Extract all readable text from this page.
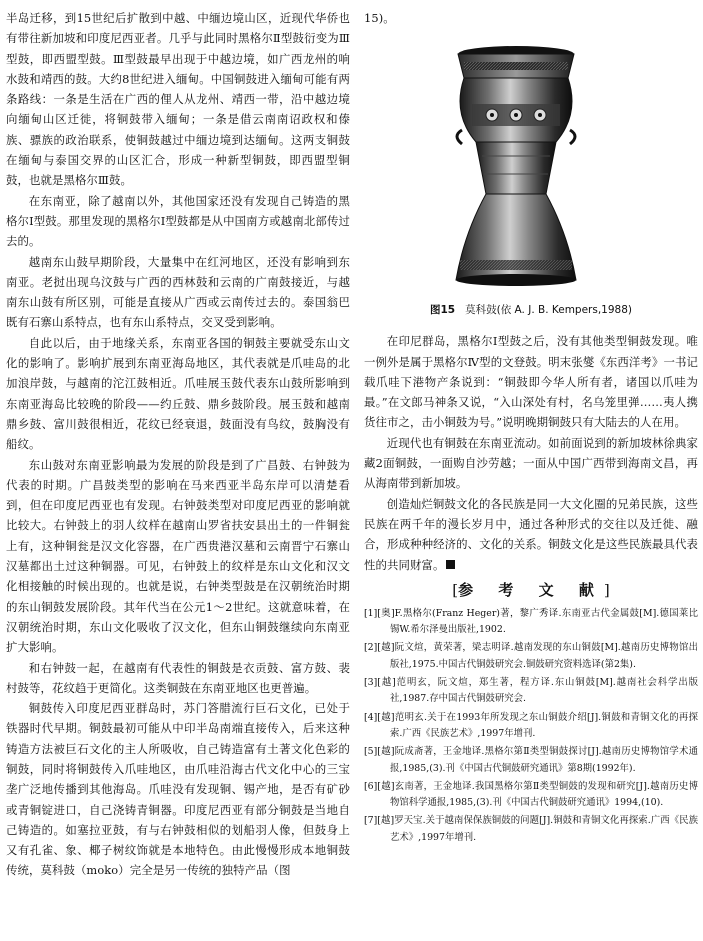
半岛迁移，到15世纪后扩散到中越、中缅边境山区，近现代华侨也有带往新加坡和印度尼西亚者。几乎与此同时黑格尔Ⅱ型鼓衍变为Ⅲ型鼓，即西盟型鼓。Ⅲ型鼓最早出现于中越边境，如广西龙州的响水鼓和靖西的鼓。大约8世纪进入缅甸。中国铜鼓进入缅甸可能有两条路线：一条是生活在广西的俚人从龙州、靖西一带，沿中越边境向缅甸山区迁徙，将铜鼓带入缅甸；一条是借云南南诏政权和傣族、骠族的政治联系，使铜鼓越过中缅边境到达缅甸。这两支铜鼓在缅甸与泰国交界的山区汇合，形成一种新型铜鼓，即西盟型铜鼓，也就是黑格尔Ⅲ鼓。

在东南亚，除了越南以外，其他国家还没有发现自己铸造的黑格尔Ⅰ型鼓。那里发现的黑格尔Ⅰ型鼓都是从中国南方或越南北部传过去的。

越南东山鼓早期阶段，大量集中在红河地区，还没有影响到东南亚。老挝出现乌汶鼓与广西的西林鼓和云南的广南鼓接近，与越南东山鼓有所区别，可能是直接从广西或云南传过去的。泰国翁巴既有石寨山系特点，也有东山系特点，交叉受到影响。

自此以后，由于地缘关系，东南亚各国的铜鼓主要就受东山文化的影响了。影响扩展到东南亚海岛地区，其代表就是爪哇岛的北加浪岸鼓，与越南的沱江鼓相近。爪哇展玉鼓代表东山鼓所影响到东南亚海岛比较晚的阶段——约丘鼓、鼎乡鼓阶段。展玉鼓和越南鼎乡鼓、富川鼓很相近，花纹已经衰退，鼓面没有鸟纹，鼓胸没有船纹。

东山鼓对东南亚影响最为发展的阶段是到了广昌鼓、右钟鼓为代表的时期。广昌鼓类型的影响在马来西亚半岛东岸可以清楚看到，但在印度尼西亚也有发现。右钟鼓类型对印度尼西亚的影响就比较大。右钟鼓上的羽人纹样在越南山罗省扶安县出土的一件铜瓮上有，这种铜瓮是汉文化容器，在广西贵港汉墓和云南晋宁石寨山汉墓都出土过这种铜器。可见，右钟鼓上的纹样是东山文化和汉文化相接触的时候出现的。也就是说，右钟类型鼓是在汉朝统治时期的东山铜鼓发展阶段。其年代当在公元1～2世纪。这就意味着，在汉朝统治时期，东山文化吸收了汉文化，但东山铜鼓继续向东南亚扩大影响。

和右钟鼓一起，在越南有代表性的铜鼓是衣贡鼓、富方鼓、裴村鼓等，花纹趋于更简化。这类铜鼓在东南亚地区也更普遍。

铜鼓传入印度尼西亚群岛时，苏门答腊流行巨石文化，已处于铁器时代早期。铜鼓最初可能从中印半岛南端直接传入，后来这种铸造方法被巨石文化的主人所吸收，自己铸造富有土著文化色彩的铜鼓，同时将铜鼓传入爪哇地区，由爪哇沿海古代文化中心的三宝垄广泛地传播到其他海岛。爪哇没有发现铜、锡产地，是否有矿砂或青铜锭进口，自己浇铸青铜器。印度尼西亚有部分铜鼓是当地自己铸造的。如塞拉亚鼓，有与右钟鼓相似的划船羽人像，但鼓身上又有孔雀、象、椰子树纹饰就是本地特色。由此慢慢形成本地铜鼓传统，莫科鼓（moko）完全是另一传统的独特产品（图

15)。

图15 莫科鼓(依 A. J. B. Kempers,1988)

在印尼群岛，黑格尔Ⅰ型鼓之后，没有其他类型铜鼓发现。唯一例外是属于黑格尔Ⅳ型的文登鼓。明末张燮《东西洋考》一书记载爪哇下港物产条说到：“铜鼓即今华人所有者，诸国以爪哇为最。”在文郎马神条又说，“入山深处有村，名乌笼里弹……夷人携货往市之，击小铜鼓为号。”说明晚期铜鼓只有大陆去的人在用。

近现代也有铜鼓在东南亚流动。如前面说到的新加坡林徐典家藏2面铜鼓，一面购自沙劳越；一面从中国广西带到海南文昌，再从海南带到新加坡。

创造灿烂铜鼓文化的各民族是同一大文化圈的兄弟民族，这些民族在两千年的漫长岁月中，通过各种形式的交往以及迁徙、融合，形成种种经济的、文化的关系。铜鼓文化是这些民族最具代表性的共同财富。

[参 考 文 献]

[1][奥]F.黑格尔(Franz Heger)著，黎广秀译.东南亚古代金属鼓[M].德国莱比锡W.希尔泽曼出版社,1902.

[2][越]阮文煊，黄荣著，梁志明译.越南发现的东山铜鼓[M].越南历史博物馆出版社,1975.中国古代铜鼓研究会.铜鼓研究资料选译(第2集).

[3][越]范明玄，阮文煊，郑生著，程方译.东山铜鼓[M].越南社会科学出版社,1987.存中国古代铜鼓研究会.

[4][越]范明玄.关于在1993年所发现之东山铜鼓介绍[J].铜鼓和青铜文化的再探索.广西《民族艺术》,1997年增刊.

[5][越]阮成斋著，王金地译.黑格尔第Ⅱ类型铜鼓探讨[J].越南历史博物馆学术通报,1985,(3).刊《中国古代铜鼓研究通讯》第8期(1992年).

[6][越]玄南著，王金地译.我国黑格尔第Ⅱ类型铜鼓的发现和研究[J].越南历史博物馆科学通报,1985,(3).刊《中国古代铜鼓研究通讯》1994,(10).

[7][越]罗天宝.关于越南保保族铜鼓的问题[J].铜鼓和青铜文化再探索.广西《民族艺术》,1997年增刊.
